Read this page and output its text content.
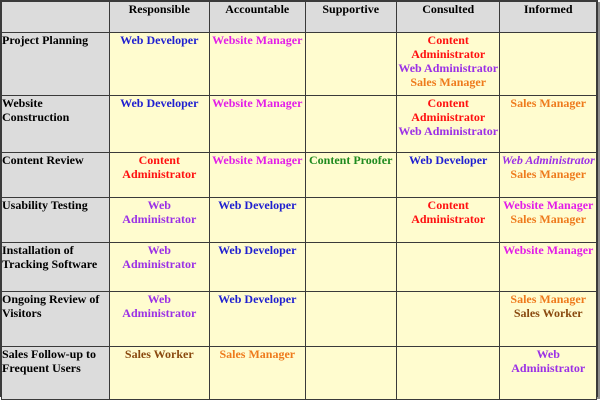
	Responsible	Accountable	Supportive	Consulted	Informed
Project Planning	Web Developer	Website Manager		Content Administrator
Web Administrator
Sales Manager	

Website Construction	Web Developer	Website Manager		Content Administrator
Web Administrator	Sales Manager

Content Review	Content Administrator	Website Manager	Content Proofer	Web Developer	Web Administrator
Sales Manager

Usability Testing	Web Administrator	Web Developer		Content Administrator	Website Manager
Sales Manager

Installation of Tracking Software	Web Administrator	Web Developer			Website Manager

Ongoing Review of Visitors	Web Administrator	Web Developer			Sales Manager
Sales Worker

Sales Follow-up to Frequent Users	Sales Worker	Sales Manager			Web Administrator
